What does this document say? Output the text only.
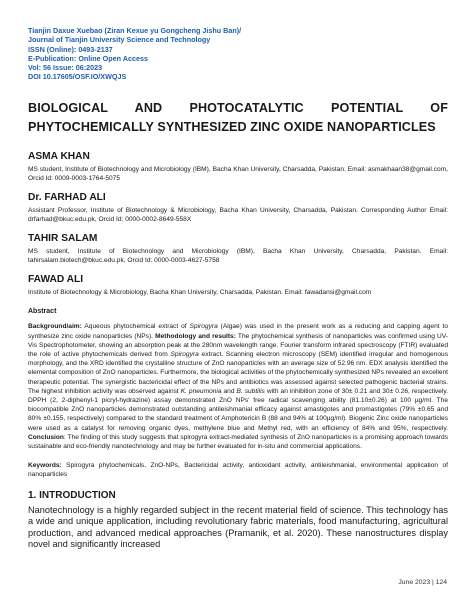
Tianjin Daxue Xuebao (Ziran Kexue yu Gongcheng Jishu Ban)/
Journal of Tianjin University Science and Technology
ISSN (Online): 0493-2137
E-Publication: Online Open Access
Vol: 56 Issue: 06:2023
DOI 10.17605/OSF.IO/XWQJS
BIOLOGICAL AND PHOTOCATALYTIC POTENTIAL OF
PHYTOCHEMICALLY SYNTHESIZED ZINC OXIDE NANOPARTICLES
ASMA KHAN
MS student, Institute of Biotechnology and Microbiology (IBM), Bacha Khan University, Charsadda, Pakistan. Email: asmakhaan38@gmail.com, Orcid Id: 0009-0003-1764-5075
Dr. FARHAD ALI
Assistant Professor, Institute of Biotechnology & Microbiology, Bacha Khan University, Charsadda, Pakistan. Corresponding Author Email: drfarhad@bkuc.edu.pk, Orcid Id: 0000-0002-8649-558X
TAHIR SALAM
MS student, Institute of Biotechnology and Microbiology (IBM), Bacha Khan University, Charsadda, Pakistan. Email: tahirsalam.biotech@bkuc.edu.pk, Orcid Id: 0000-0003-4627-5758
FAWAD ALI
Institute of Biotechnology & Microbiology, Bacha Khan University, Charsadda, Pakistan. Email: fawadansi@gmail.com
Abstract
Background/aim: Aqueous phytochemical extract of Spirogyra (Algae) was used in the present work as a reducing and capping agent to synthesize zinc oxide nanoparticles (NPs). Methodology and results: The phytochemical synthesis of nanoparticles was confirmed using UV-Vis Spectrophotometer, showing an absorption peak at the 280nm wavelength range. Fourier transform infrared spectroscopy (FTIR) evaluated the role of active phytochemicals derived from Spirogyra extract. Scanning electron microscopy (SEM) identified irregular and homogenous morphology, and the XRD identified the crystalline structure of ZnO nanoparticles with an average size of 52.96 nm. EDX analysis identified the elemental composition of ZnO nanoparticles. Furthermore, the biological activities of the phytochemically synthesized NPs revealed an excellent therapeutic potential. The synergistic bactericidal effect of the NPs and antibiotics was assessed against selected pathogenic bacterial strains. The highest inhibition activity was observed against K. pneumonia and B. subtilis with an inhibition zone of 30± 0.21 and 30± 0.26, respectively. DPPH (2, 2-diphenyl-1 picryl-hydrazine) assay demonstrated ZnO NPs' free radical scavenging ability (81.10±0.26) at 100 µg/ml. The biocompatible ZnO nanoparticles demonstrated outstanding antileishmanial efficacy against amastigotes and promastigotes (79% ±0.65 and 80% ±0.155, respectively) compared to the standard treatment of Amphotericin B (88 and 94% at 100µg/ml). Biogenic Zinc oxide nanoparticles were used as a catalyst for removing organic dyes, methylene blue and Methyl red, with an efficiency of 84% and 95%, respectively. Conclusion: The finding of this study suggests that spirogyra extract-mediated synthesis of ZnO nanoparticles is a promising approach towards sustainable and eco-friendly nanotechnology and may be further evaluated for in-situ and commercial applications.
Keywords: Spirogyra phytochemicals, ZnO-NPs, Bactericidal activity, antioxidant activity, antileishmanial, environmental application of nanoparticles
1. INTRODUCTION
Nanotechnology is a highly regarded subject in the recent material field of science. This technology has a wide and unique application, including revolutionary fabric materials, food manufacturing, agricultural production, and advanced medical approaches (Pramanik, et al. 2020). These nanostructures display novel and significantly increased
June 2023 | 124
